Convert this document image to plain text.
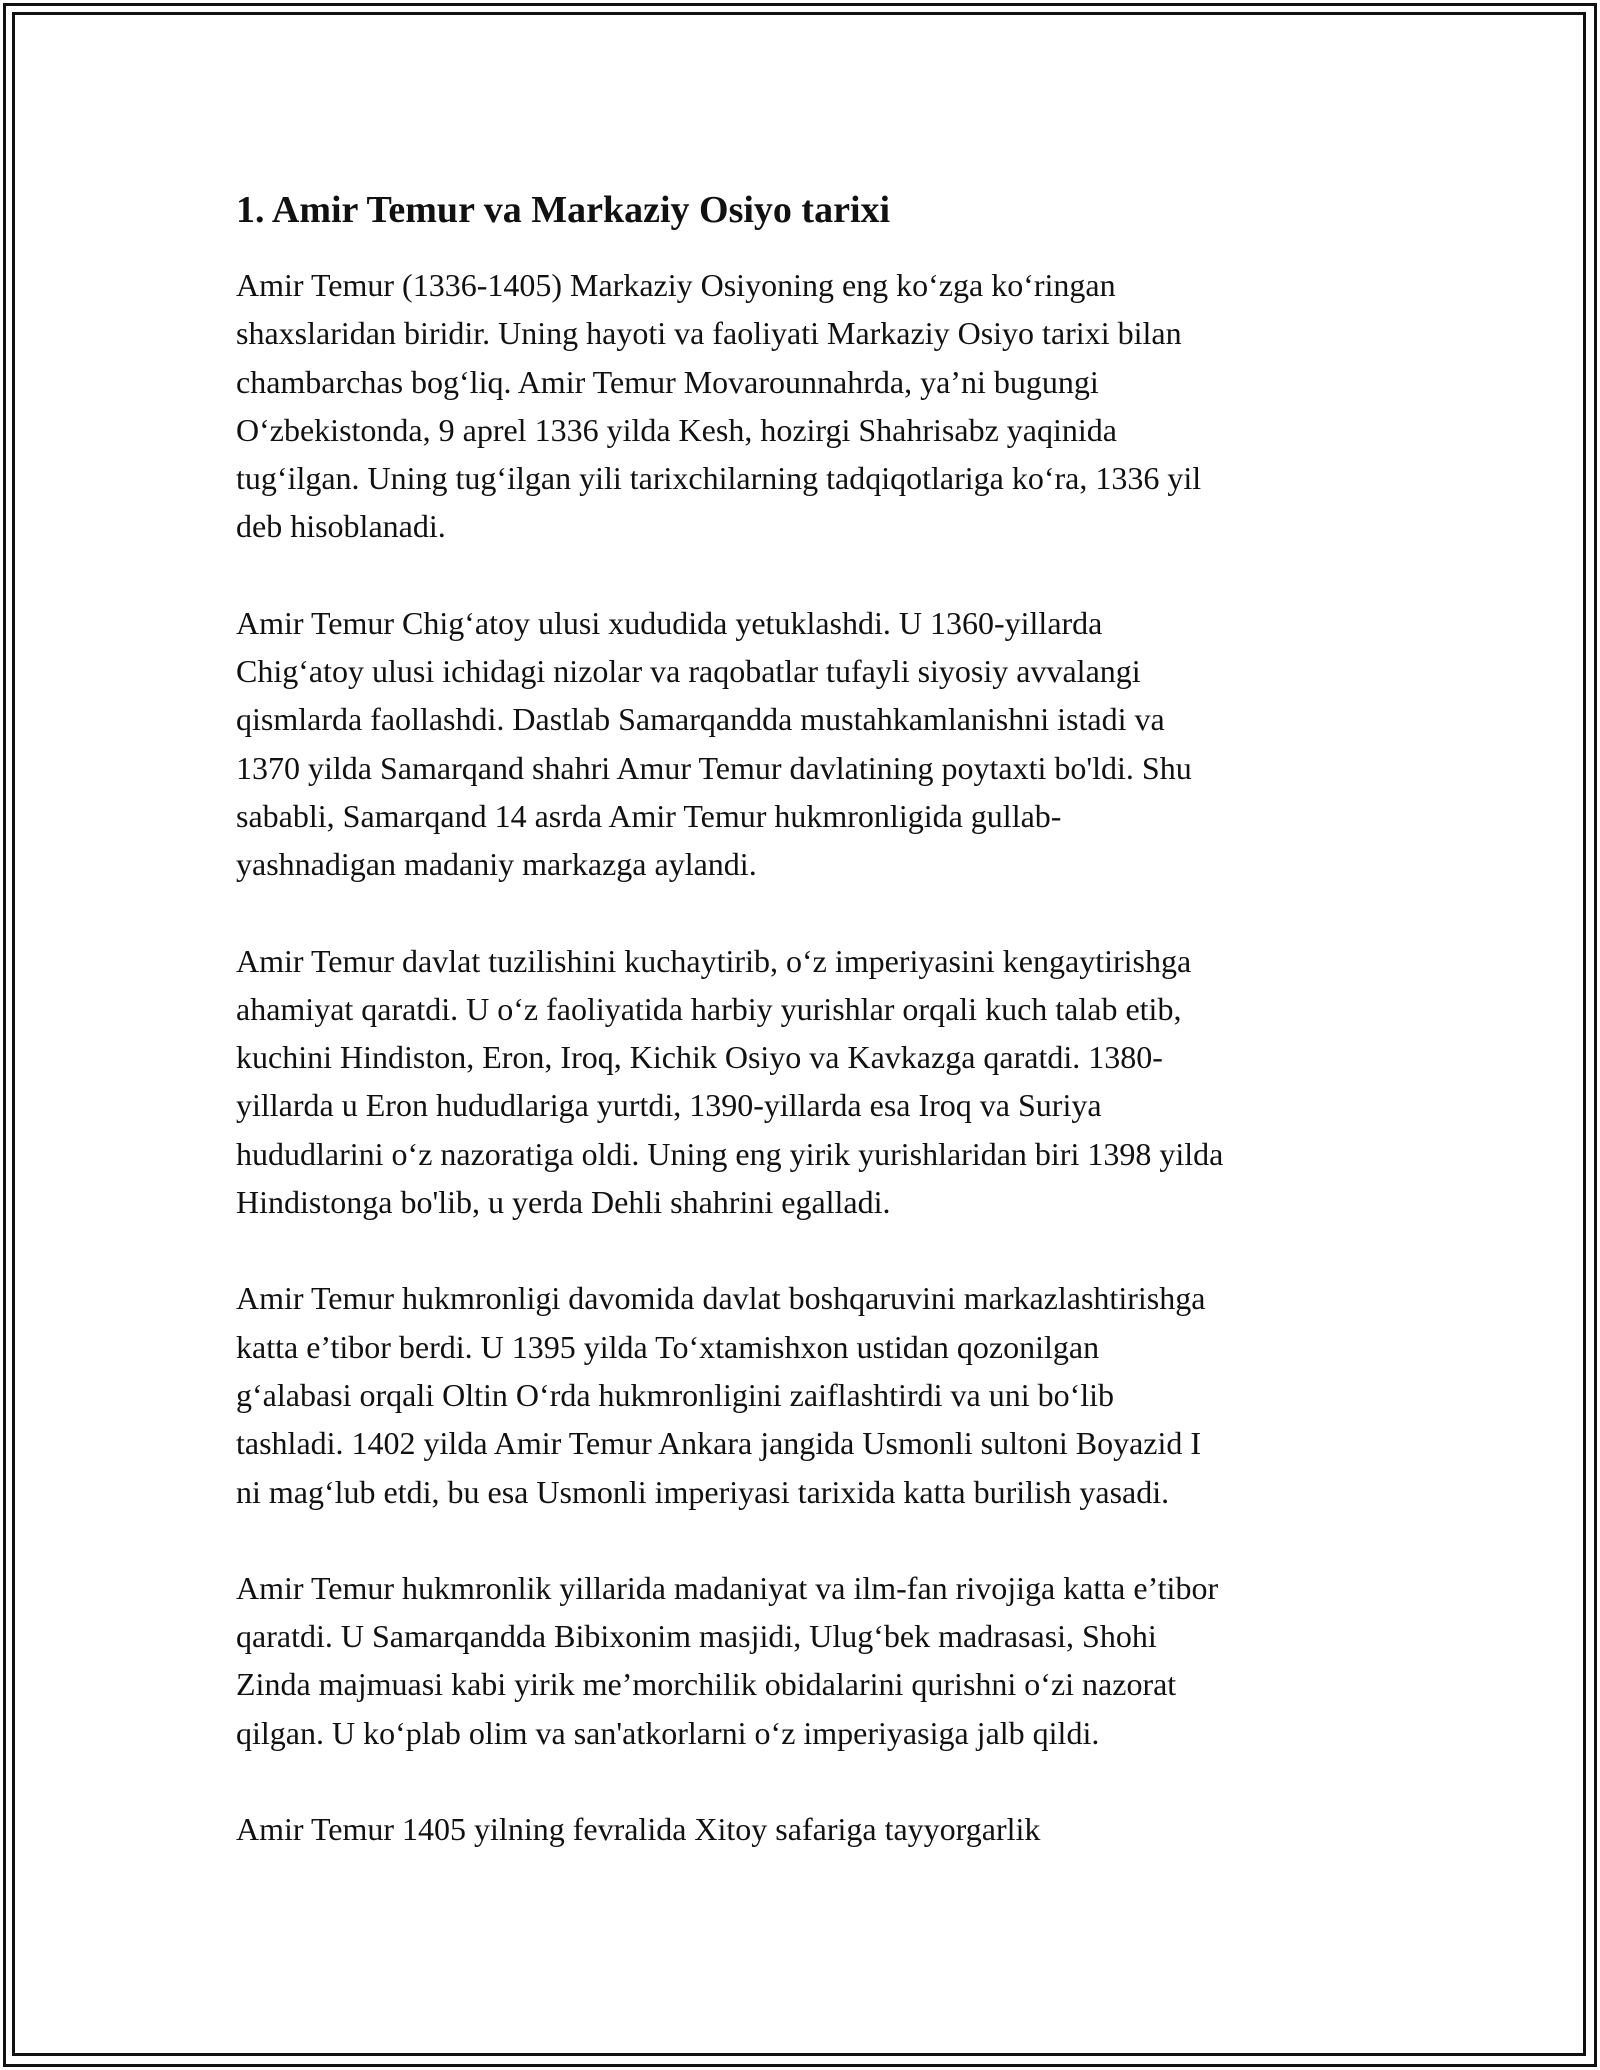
1. Amir Temur va Markaziy Osiyo tarixi

Amir Temur (1336-1405) Markaziy Osiyoning eng koʻzga koʻringan
shaxslaridan biridir. Uning hayoti va faoliyati Markaziy Osiyo tarixi bilan
chambarchas bogʻliq. Amir Temur Movarounnahrda, ya’ni bugungi
Oʻzbekistonda, 9 aprel 1336 yilda Kesh, hozirgi Shahrisabz yaqinida
tugʻilgan. Uning tugʻilgan yili tarixchilarning tadqiqotlariga koʻra, 1336 yil
deb hisoblanadi.

Amir Temur Chigʻatoy ulusi xududida yetuklashdi. U 1360-yillarda
Chigʻatoy ulusi ichidagi nizolar va raqobatlar tufayli siyosiy avvalangi
qismlarda faollashdi. Dastlab Samarqandda mustahkamlanishni istadi va
1370 yilda Samarqand shahri Amur Temur davlatining poytaxti bo'ldi. Shu
sababli, Samarqand 14 asrda Amir Temur hukmronligida gullab-
yashnadigan madaniy markazga aylandi.

Amir Temur davlat tuzilishini kuchaytirib, oʻz imperiyasini kengaytirishga
ahamiyat qaratdi. U oʻz faoliyatida harbiy yurishlar orqali kuch talab etib,
kuchini Hindiston, Eron, Iroq, Kichik Osiyo va Kavkazga qaratdi. 1380-
yillarda u Eron hududlariga yurtdi, 1390-yillarda esa Iroq va Suriya
hududlarini oʻz nazoratiga oldi. Uning eng yirik yurishlaridan biri 1398 yilda
Hindistonga bo'lib, u yerda Dehli shahrini egalladi.

Amir Temur hukmronligi davomida davlat boshqaruvini markazlashtirishga
katta e’tibor berdi. U 1395 yilda Toʻxtamishxon ustidan qozonilgan
gʻalabasi orqali Oltin Oʻrda hukmronligini zaiflashtirdi va uni boʻlib
tashladi. 1402 yilda Amir Temur Ankara jangida Usmonli sultoni Boyazid I
ni magʻlub etdi, bu esa Usmonli imperiyasi tarixida katta burilish yasadi.

Amir Temur hukmronlik yillarida madaniyat va ilm-fan rivojiga katta e’tibor
qaratdi. U Samarqandda Bibixonim masjidi, Ulugʻbek madrasasi, Shohi
Zinda majmuasi kabi yirik me’morchilik obidalarini qurishni oʻzi nazorat
qilgan. U koʻplab olim va san'atkorlarni oʻz imperiyasiga jalb qildi.

Amir Temur 1405 yilning fevralida Xitoy safariga tayyorgarlik
